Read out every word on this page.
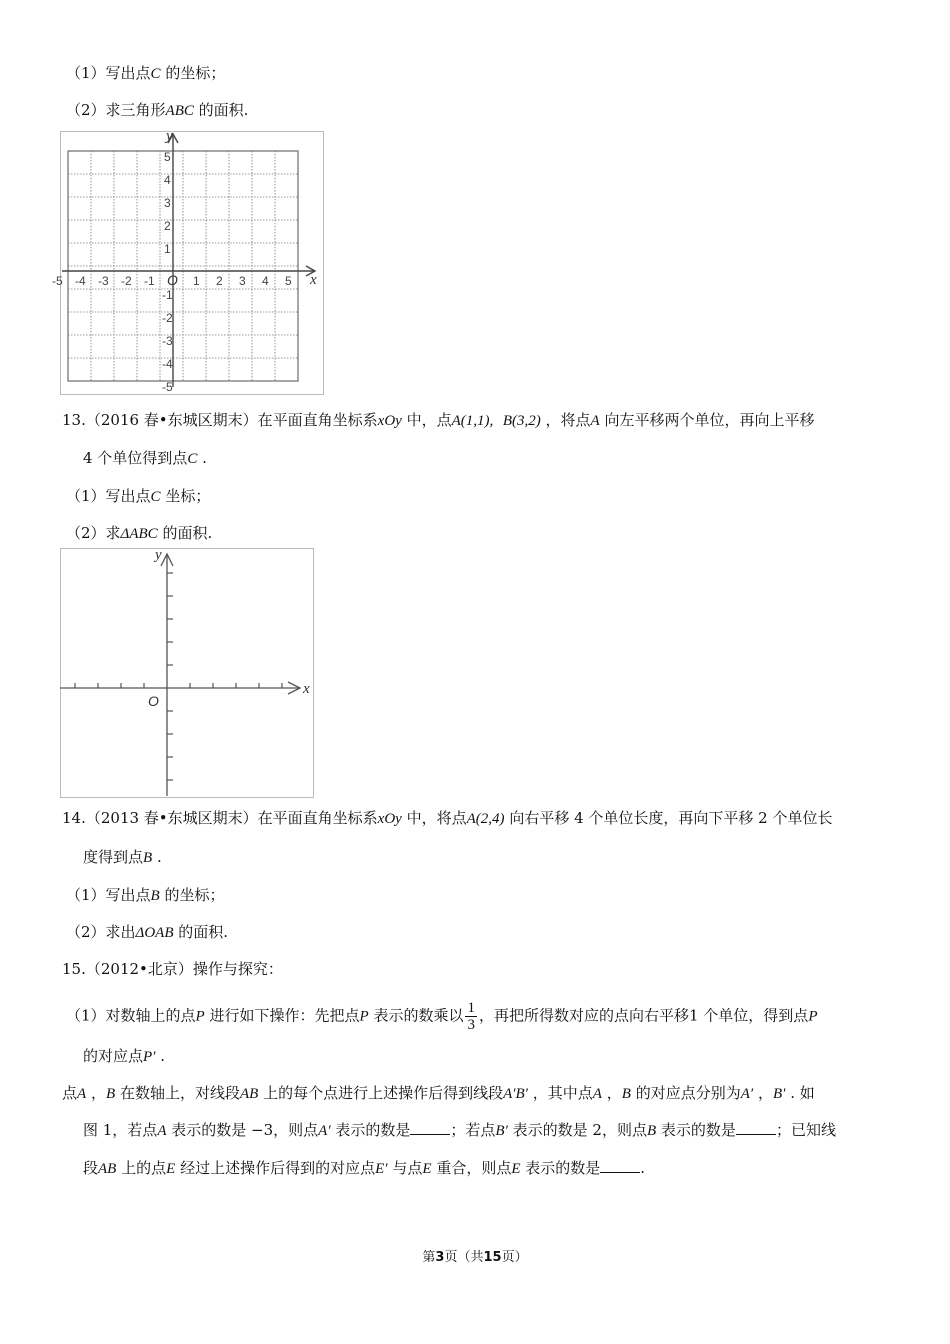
（1）写出点C 的坐标；
（2）求三角形ABC 的面积.
x
y
O
-5 -4 -3 -2 -1	1 2 3 4 5
5
4
3
2
1
-1
-2
-3
-4
-5
13.（2016 春•东城区期末）在平面直角坐标系xOy 中，点A(1,1), B(3,2) ，将点A 向左平移两个单位，再向上平移
4 个单位得到点C .
（1）写出点C 坐标；
（2）求ΔABC 的面积.
x
y
O
14.（2013 春•东城区期末）在平面直角坐标系xOy 中，将点A(2,4) 向右平移 4 个单位长度，再向下平移 2 个单位长
度得到点B .
（1）写出点B 的坐标；
（2）求出ΔOAB 的面积.
15.（2012•北京）操作与探究：
（1）对数轴上的点P 进行如下操作：先把点P 表示的数乘以 $\frac{1}{3}$ ，再把所得数对应的点向右平移1 个单位，得到点P
的对应点P′ .
点A ，B 在数轴上，对线段AB 上的每个点进行上述操作后得到线段A′B′ ，其中点A ，B 的对应点分别为A′ ，B′ . 如
图 1，若点A 表示的数是 −3，则点A′ 表示的数是	；若点B′ 表示的数是 2，则点B 表示的数是	；已知线
段AB 上的点E 经过上述操作后得到的对应点E′ 与点E 重合，则点E 表示的数是	.
第3页（共15页）
